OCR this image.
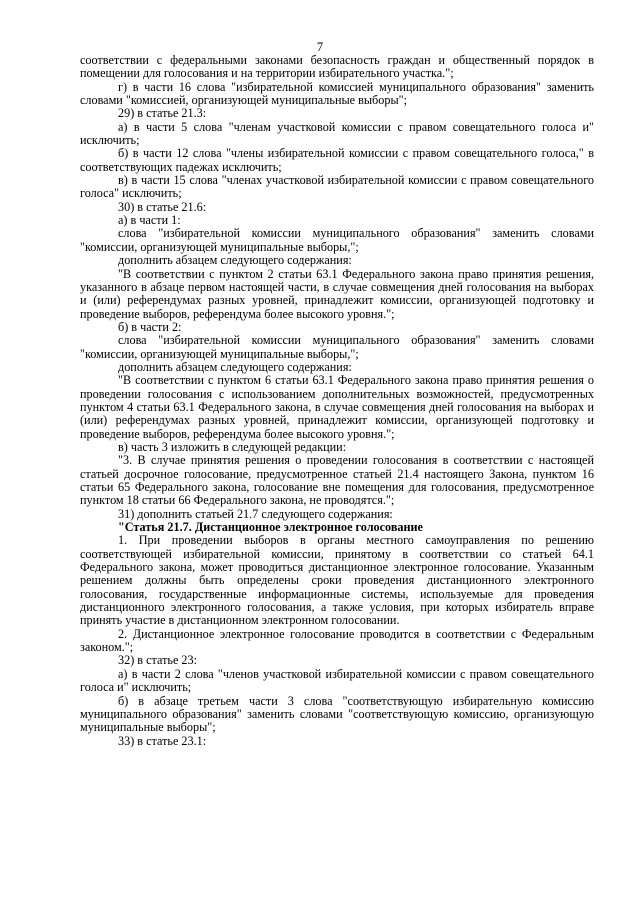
7

соответствии с федеральными законами безопасность граждан и общественный порядок в помещении для голосования и на территории избирательного участка.";

г) в части 16 слова "избирательной комиссией муниципального образования" заменить словами "комиссией, организующей муниципальные выборы";

29) в статье 21.3:

а) в части 5 слова "членам участковой комиссии с правом совещательного голоса и" исключить;

б) в части 12 слова "члены избирательной комиссии с правом совещательного голоса," в соответствующих падежах исключить;

в) в части 15 слова "членах участковой избирательной комиссии с правом совещательного голоса" исключить;

30) в статье 21.6:

а) в части 1:

слова "избирательной комиссии муниципального образования" заменить словами "комиссии, организующей муниципальные выборы,";

дополнить абзацем следующего содержания:

"В соответствии с пунктом 2 статьи 63.1 Федерального закона право принятия решения, указанного в абзаце первом настоящей части, в случае совмещения дней голосования на выборах и (или) референдумах разных уровней, принадлежит комиссии, организующей подготовку и проведение выборов, референдума более высокого уровня.";

б) в части 2:

слова "избирательной комиссии муниципального образования" заменить словами "комиссии, организующей муниципальные выборы,";

дополнить абзацем следующего содержания:

"В соответствии с пунктом 6 статьи 63.1 Федерального закона право принятия решения о проведении голосования с использованием дополнительных возможностей, предусмотренных пунктом 4 статьи 63.1 Федерального закона, в случае совмещения дней голосования на выборах и (или) референдумах разных уровней, принадлежит комиссии, организующей подготовку и проведение выборов, референдума более высокого уровня.";

в) часть 3 изложить в следующей редакции:

"3. В случае принятия решения о проведении голосования в соответствии с настоящей статьей досрочное голосование, предусмотренное статьей 21.4 настоящего Закона, пунктом 16 статьи 65 Федерального закона, голосование вне помещения для голосования, предусмотренное пунктом 18 статьи 66 Федерального закона, не проводятся.";

31) дополнить статьей 21.7 следующего содержания:

"Статья 21.7. Дистанционное электронное голосование

1. При проведении выборов в органы местного самоуправления по решению соответствующей избирательной комиссии, принятому в соответствии со статьей 64.1 Федерального закона, может проводиться дистанционное электронное голосование. Указанным решением должны быть определены сроки проведения дистанционного электронного голосования, государственные информационные системы, используемые для проведения дистанционного электронного голосования, а также условия, при которых избиратель вправе принять участие в дистанционном электронном голосовании.

2. Дистанционное электронное голосование проводится в соответствии с Федеральным законом.";

32) в статье 23:

а) в части 2 слова "членов участковой избирательной комиссии с правом совещательного голоса и" исключить;

б) в абзаце третьем части 3 слова "соответствующую избирательную комиссию муниципального образования" заменить словами "соответствующую комиссию, организующую муниципальные выборы";

33) в статье 23.1:
